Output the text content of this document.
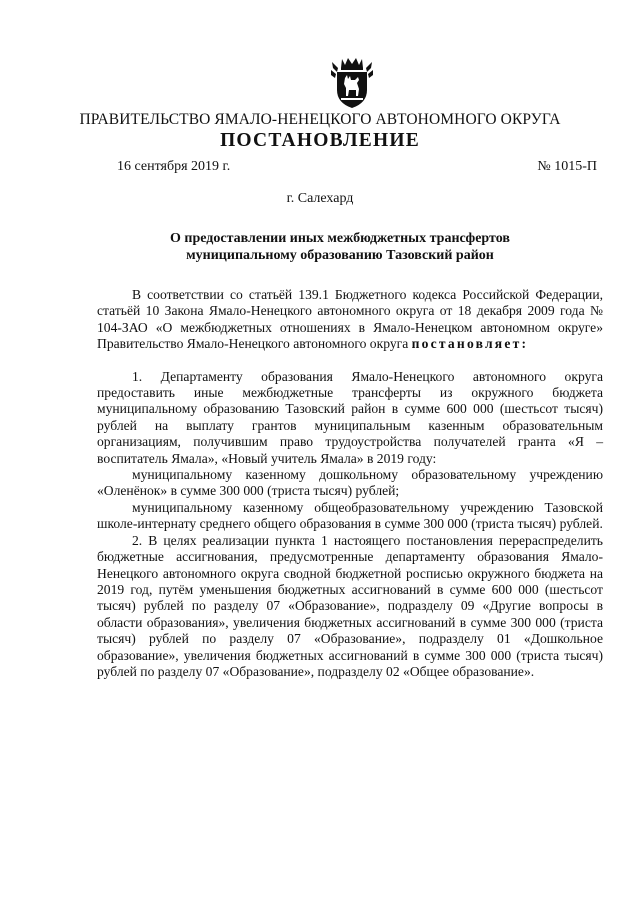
ПРАВИТЕЛЬСТВО ЯМАЛО-НЕНЕЦКОГО АВТОНОМНОГО ОКРУГА
ПОСТАНОВЛЕНИЕ
16 сентября 2019 г.	№ 1015-П
г. Салехард
О предоставлении иных межбюджетных трансфертов
муниципальному образованию Тазовский район

В соответствии со статьёй 139.1 Бюджетного кодекса Российской Федерации, статьёй 10 Закона Ямало-Ненецкого автономного округа от 18 декабря 2009 года № 104-ЗАО «О межбюджетных отношениях в Ямало-Ненецком автономном округе» Правительство Ямало-Ненецкого автономного округа постановляет:

1. Департаменту образования Ямало-Ненецкого автономного округа предоставить иные межбюджетные трансферты из окружного бюджета муниципальному образованию Тазовский район в сумме 600 000 (шестьсот тысяч) рублей на выплату грантов муниципальным казенным образовательным организациям, получившим право трудоустройства получателей гранта «Я – воспитатель Ямала», «Новый учитель Ямала» в 2019 году:

муниципальному казенному дошкольному образовательному учреждению «Оленёнок» в сумме 300 000 (триста тысяч) рублей;

муниципальному казенному общеобразовательному учреждению Тазовской школе-интернату среднего общего образования в сумме 300 000 (триста тысяч) рублей.

2. В целях реализации пункта 1 настоящего постановления перераспределить бюджетные ассигнования, предусмотренные департаменту образования Ямало-Ненецкого автономного округа сводной бюджетной росписью окружного бюджета на 2019 год, путём уменьшения бюджетных ассигнований в сумме 600 000 (шестьсот тысяч) рублей по разделу 07 «Образование», подразделу 09 «Другие вопросы в области образования», увеличения бюджетных ассигнований в сумме 300 000 (триста тысяч) рублей по разделу 07 «Образование», подразделу 01 «Дошкольное образование», увеличения бюджетных ассигнований в сумме 300 000 (триста тысяч) рублей по разделу 07 «Образование», подразделу 02 «Общее образование».
